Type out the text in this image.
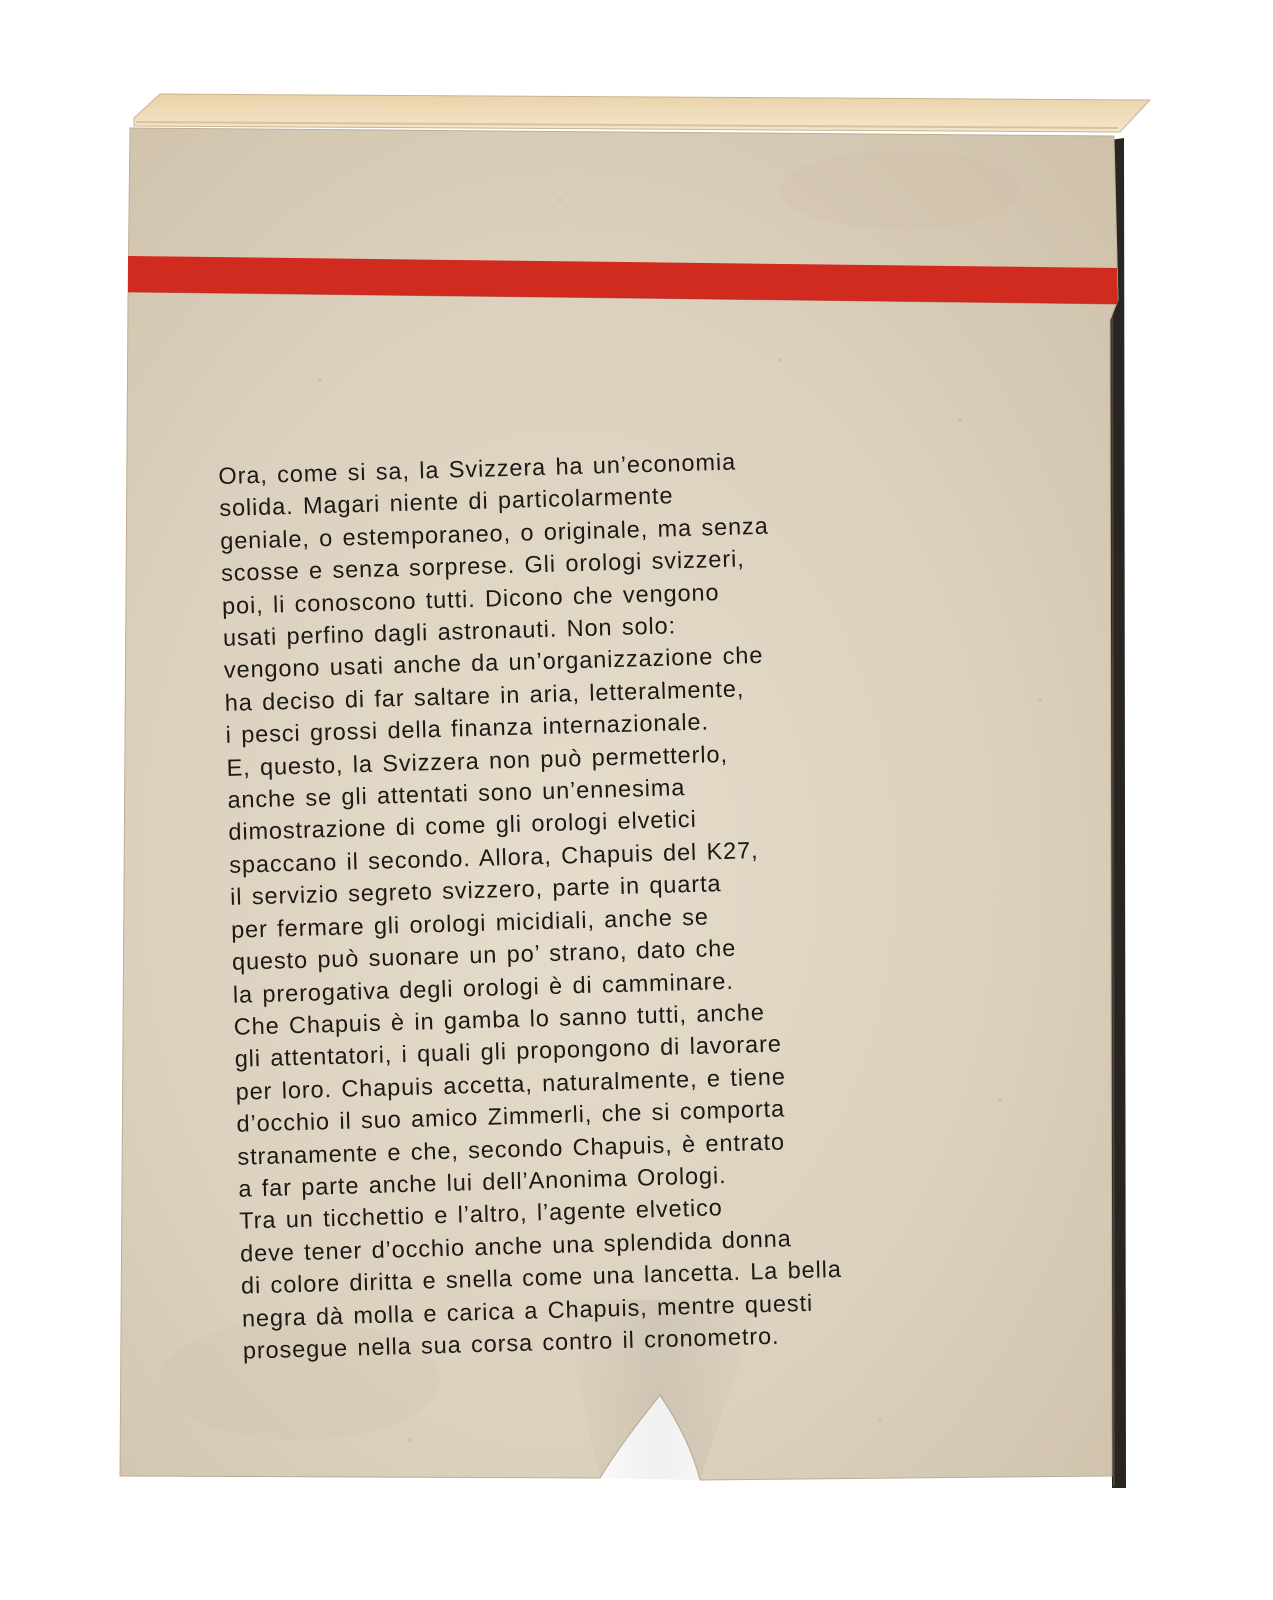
Ora, come si sa, la Svizzera ha un’economia
solida. Magari niente di particolarmente
geniale, o estemporaneo, o originale, ma senza
scosse e senza sorprese. Gli orologi svizzeri,
poi, li conoscono tutti. Dicono che vengono
usati perfino dagli astronauti. Non solo:
vengono usati anche da un’organizzazione che
ha deciso di far saltare in aria, letteralmente,
i pesci grossi della finanza internazionale.
E, questo, la Svizzera non può permetterlo,
anche se gli attentati sono un’ennesima
dimostrazione di come gli orologi elvetici
spaccano il secondo. Allora, Chapuis del K27,
il servizio segreto svizzero, parte in quarta
per fermare gli orologi micidiali, anche se
questo può suonare un po’ strano, dato che
la prerogativa degli orologi è di camminare.
Che Chapuis è in gamba lo sanno tutti, anche
gli attentatori, i quali gli propongono di lavorare
per loro. Chapuis accetta, naturalmente, e tiene
d’occhio il suo amico Zimmerli, che si comporta
stranamente e che, secondo Chapuis, è entrato
a far parte anche lui dell’Anonima Orologi.
Tra un ticchettio e l’altro, l’agente elvetico
deve tener d’occhio anche una splendida donna
di colore diritta e snella come una lancetta. La bella
negra dà molla e carica a Chapuis, mentre questi
prosegue nella sua corsa contro il cronometro.
